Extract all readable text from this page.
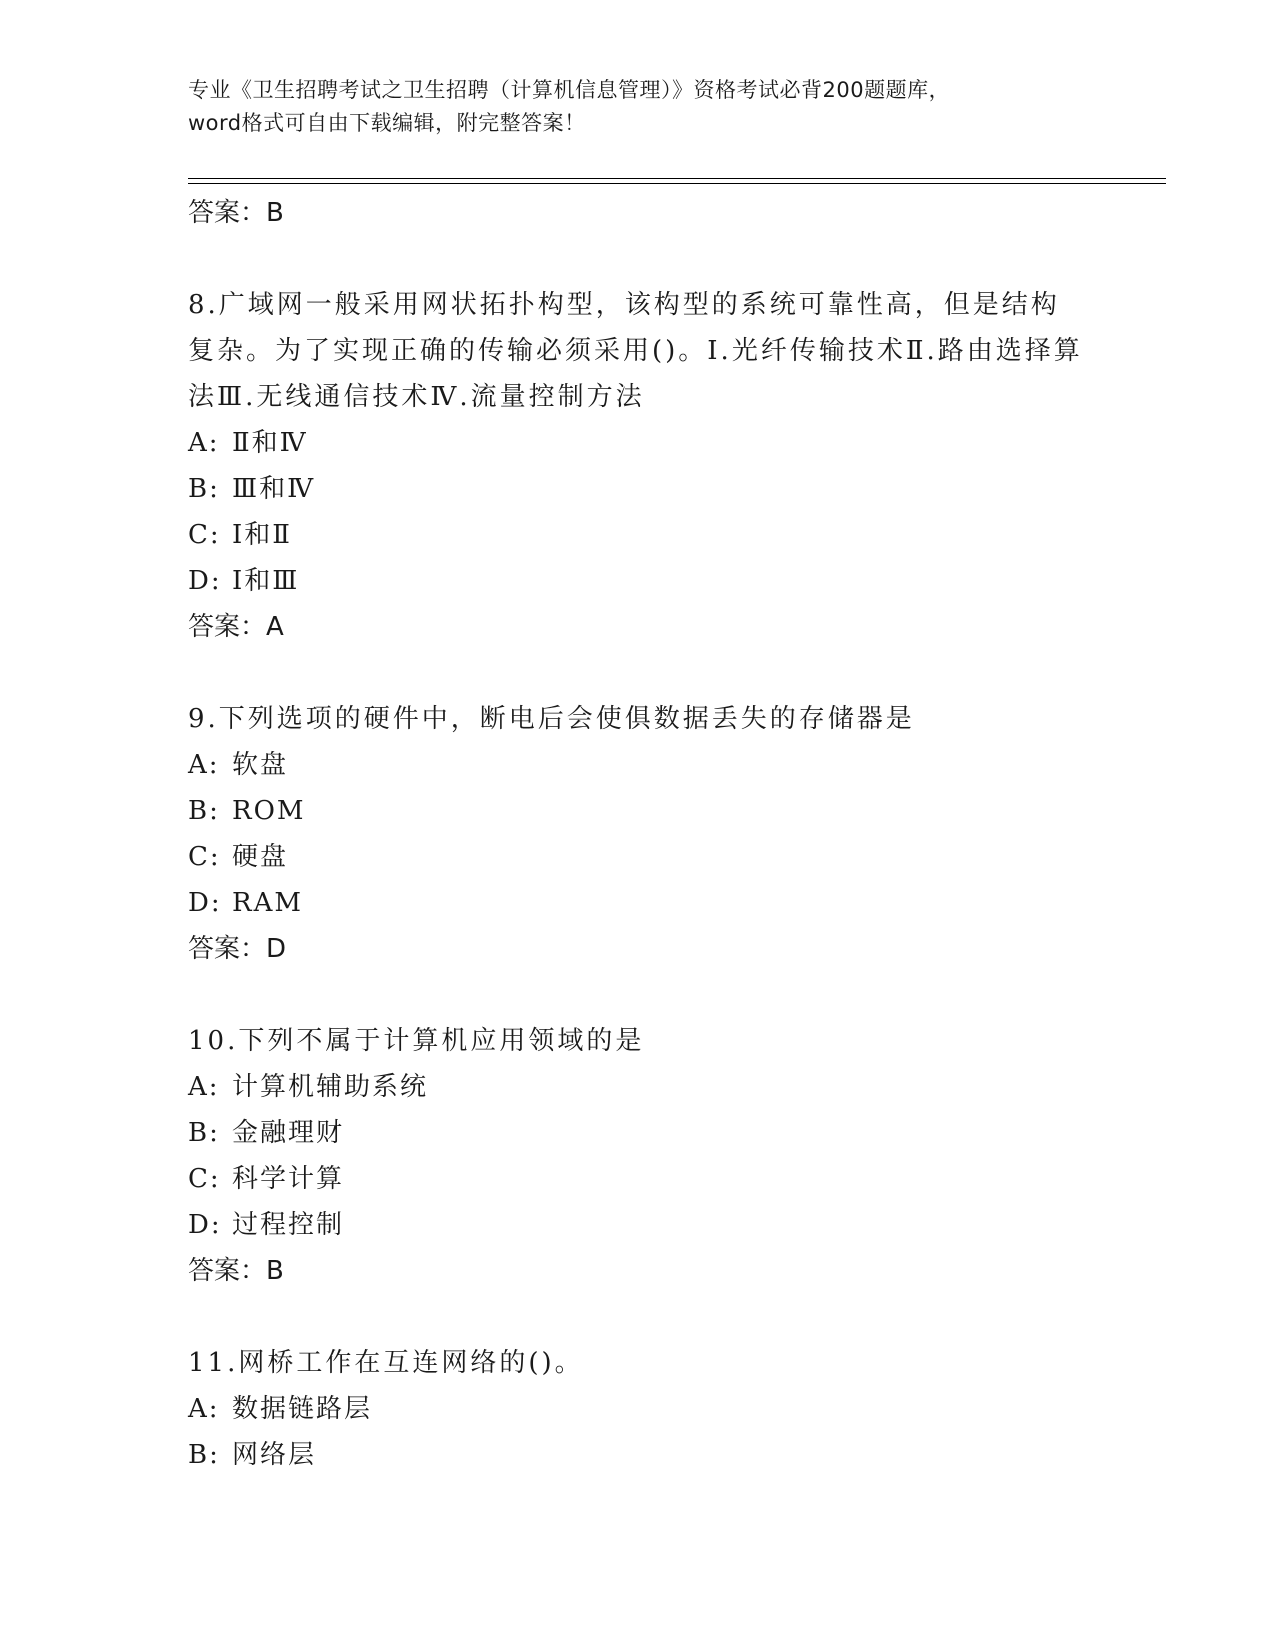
专业《卫生招聘考试之卫生招聘（计算机信息管理）》资格考试必背200题题库，
word格式可自由下载编辑，附完整答案！
答案：B
8.广域网一般采用网状拓扑构型，该构型的系统可靠性高，但是结构复杂。为了实现正确的传输必须采用()。Ⅰ.光纤传输技术Ⅱ.路由选择算法Ⅲ.无线通信技术Ⅳ.流量控制方法
A: Ⅱ和Ⅳ
B: Ⅲ和Ⅳ
C: Ⅰ和Ⅱ
D: Ⅰ和Ⅲ
答案：A
9.下列选项的硬件中，断电后会使俱数据丢失的存储器是
A: 软盘
B: ROM
C: 硬盘
D: RAM
答案：D
10.下列不属于计算机应用领域的是
A: 计算机辅助系统
B: 金融理财
C: 科学计算
D: 过程控制
答案：B
11.网桥工作在互连网络的()。
A: 数据链路层
B: 网络层
